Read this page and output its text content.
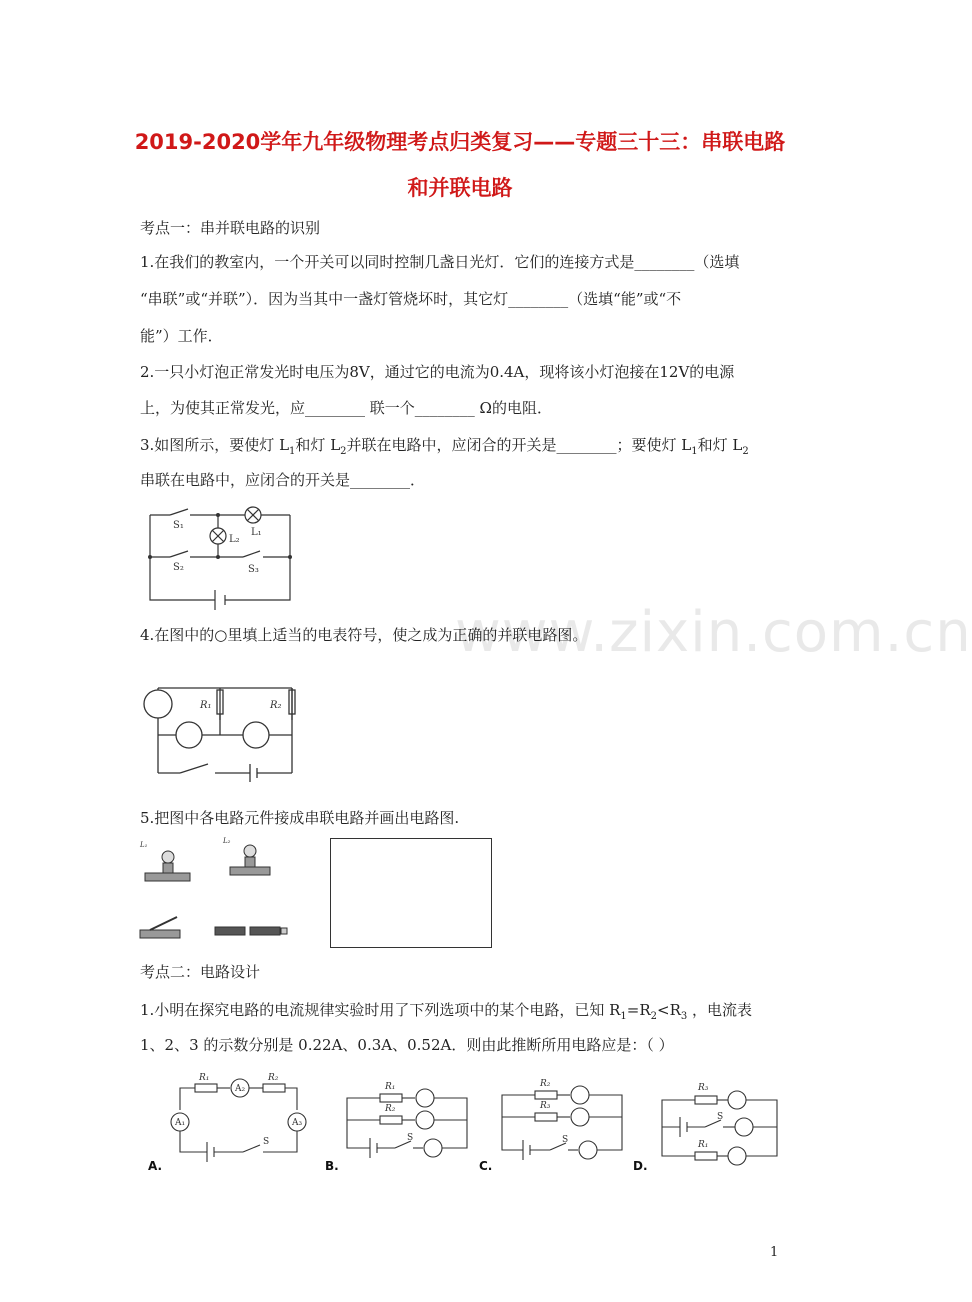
2019-2020学年九年级物理考点归类复习——专题三十三：串联电路
和并联电路
www.zixin.com.cn
考点一：串并联电路的识别
1.在我们的教室内，一个开关可以同时控制几盏日光灯．它们的连接方式是________（选填
“串联”或“并联”）．因为当其中一盏灯管烧坏时，其它灯________（选填“能”或“不
能”）工作．
2.一只小灯泡正常发光时电压为8V，通过它的电流为0.4A，现将该小灯泡接在12V的电源
上，为使其正常发光，应________ 联一个________ Ω的电阻．
3.如图所示，要使灯 $L_1$和灯 $L_2$并联在电路中，应闭合的开关是________；要使灯 $L_1$和灯 $L_2$
串联在电路中，应闭合的开关是________．
S₁
S₂	S₃
L₁
L₂
4.在图中的○里填上适当的电表符号，使之成为正确的并联电路图。
R₁	R₂
5.把图中各电路元件接成串联电路并画出电路图.
L₁	L₂
考点二：电路设计
1.小明在探究电路的电流规律实验时用了下列选项中的某个电路，已知 $R_1=R_2<R_3$ ，电流表
1、2、3 的示数分别是 0.22A、0.3A、0.52A．则由此推断所用电路应是：（ ）
R₁
A₂
R₂
A₁	A₃
S
R₁
R₂
S
R₂
R₃
S
R₃
S
R₁
A.	B.	C.	D.
1
